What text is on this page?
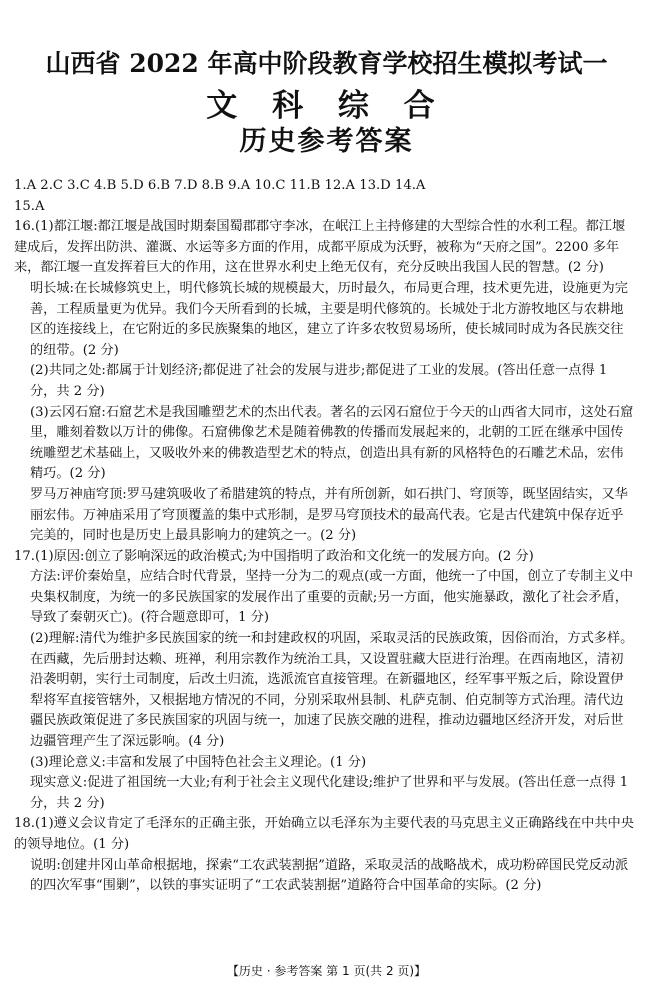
山西省 2022 年高中阶段教育学校招生模拟考试一
文 科 综 合
历史参考答案

1.A 2.C 3.C 4.B 5.D 6.B 7.D 8.B 9.A 10.C 11.B 12.A 13.D 14.A

15.A

16.(1)都江堰:都江堰是战国时期秦国蜀郡郡守李冰，在岷江上主持修建的大型综合性的水利工程。都江堰建成后，发挥出防洪、灌溉、水运等多方面的作用，成都平原成为沃野，被称为“天府之国”。2200 多年来，都江堰一直发挥着巨大的作用，这在世界水利史上绝无仅有，充分反映出我国人民的智慧。(2 分)

明长城:在长城修筑史上，明代修筑长城的规模最大，历时最久，布局更合理，技术更先进，设施更为完善，工程质量更为优异。我们今天所看到的长城，主要是明代修筑的。长城处于北方游牧地区与农耕地区的连接线上，在它附近的多民族聚集的地区，建立了许多农牧贸易场所，使长城同时成为各民族交往的纽带。(2 分)

(2)共同之处:都属于计划经济;都促进了社会的发展与进步;都促进了工业的发展。(答出任意一点得 1 分，共 2 分)

(3)云冈石窟:石窟艺术是我国雕塑艺术的杰出代表。著名的云冈石窟位于今天的山西省大同市，这处石窟里，雕刻着数以万计的佛像。石窟佛像艺术是随着佛教的传播而发展起来的，北朝的工匠在继承中国传统雕塑艺术基础上，又吸收外来的佛教造型艺术的特点，创造出具有新的风格特色的石雕艺术品，宏伟精巧。(2 分)

罗马万神庙穹顶:罗马建筑吸收了希腊建筑的特点，并有所创新，如石拱门、穹顶等，既坚固结实，又华丽宏伟。万神庙采用了穹顶覆盖的集中式形制，是罗马穹顶技术的最高代表。它是古代建筑中保存近乎完美的，同时也是历史上最具影响力的建筑之一。(2 分)

17.(1)原因:创立了影响深远的政治模式;为中国指明了政治和文化统一的发展方向。(2 分)

方法:评价秦始皇，应结合时代背景，坚持一分为二的观点(或一方面，他统一了中国，创立了专制主义中央集权制度，为统一的多民族国家的发展作出了重要的贡献;另一方面，他实施暴政，激化了社会矛盾，导致了秦朝灭亡)。(符合题意即可，1 分)

(2)理解:清代为维护多民族国家的统一和封建政权的巩固，采取灵活的民族政策，因俗而治，方式多样。在西藏，先后册封达赖、班禅，利用宗教作为统治工具，又设置驻藏大臣进行治理。在西南地区，清初沿袭明朝，实行土司制度，后改土归流，选派流官直接管理。在新疆地区，经军事平叛之后，除设置伊犁将军直接管辖外，又根据地方情况的不同，分别采取州县制、札萨克制、伯克制等方式治理。清代边疆民族政策促进了多民族国家的巩固与统一，加速了民族交融的进程，推动边疆地区经济开发，对后世边疆管理产生了深远影响。(4 分)

(3)理论意义:丰富和发展了中国特色社会主义理论。(1 分)

现实意义:促进了祖国统一大业;有利于社会主义现代化建设;维护了世界和平与发展。(答出任意一点得 1 分，共 2 分)

18.(1)遵义会议肯定了毛泽东的正确主张，开始确立以毛泽东为主要代表的马克思主义正确路线在中共中央的领导地位。(1 分)

说明:创建井冈山革命根据地，探索“工农武装割据”道路，采取灵活的战略战术，成功粉碎国民党反动派的四次军事“围剿”，以铁的事实证明了“工农武装割据”道路符合中国革命的实际。(2 分)

【历史 · 参考答案 第 1 页(共 2 页)】
